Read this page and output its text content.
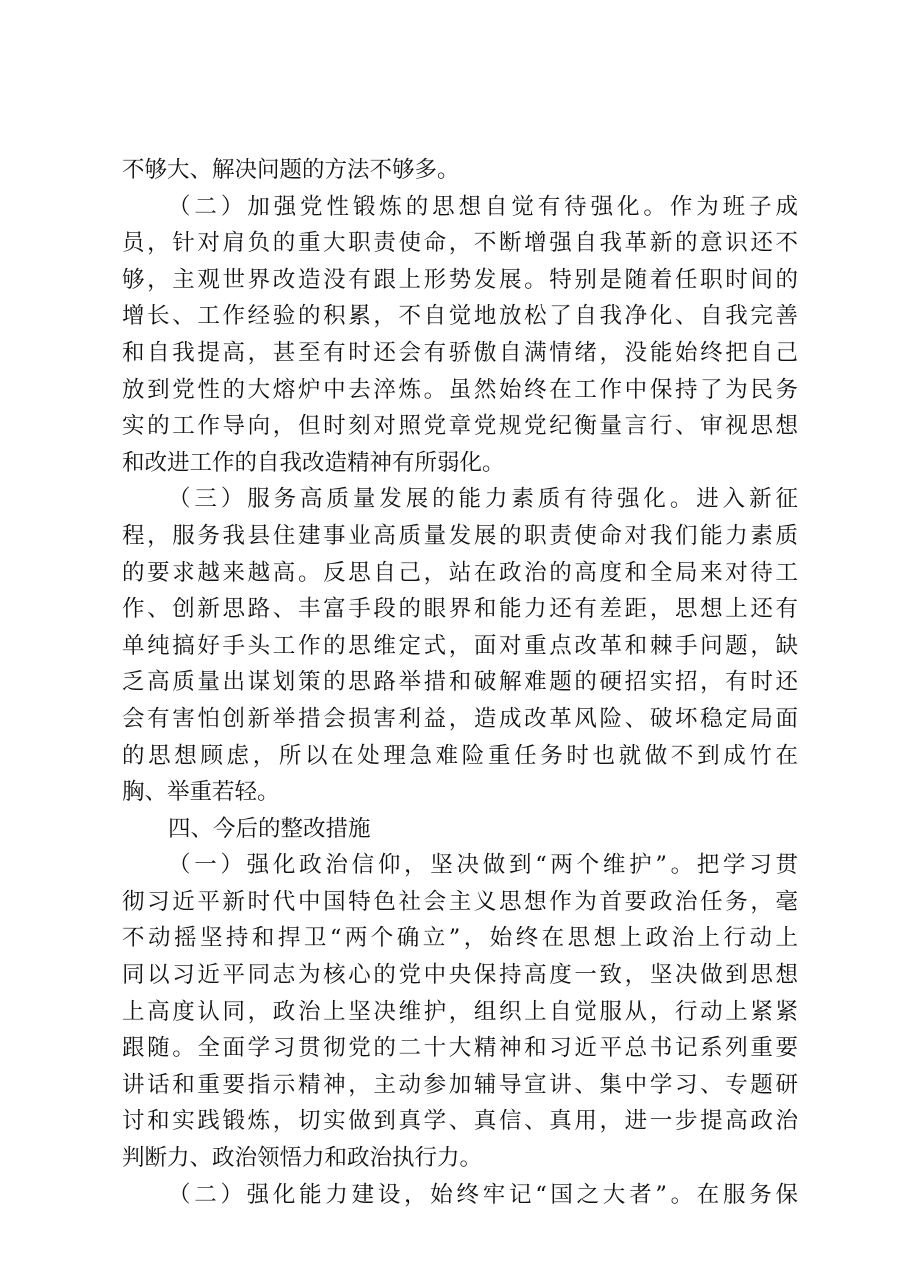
不够大、解决问题的方法不够多。
（二）加强党性锻炼的思想自觉有待强化。作为班子成
员，针对肩负的重大职责使命，不断增强自我革新的意识还不
够，主观世界改造没有跟上形势发展。特别是随着任职时间的
增长、工作经验的积累，不自觉地放松了自我净化、自我完善
和自我提高，甚至有时还会有骄傲自满情绪，没能始终把自己
放到党性的大熔炉中去淬炼。虽然始终在工作中保持了为民务
实的工作导向，但时刻对照党章党规党纪衡量言行、审视思想
和改进工作的自我改造精神有所弱化。
（三）服务高质量发展的能力素质有待强化。进入新征
程，服务我县住建事业高质量发展的职责使命对我们能力素质
的要求越来越高。反思自己，站在政治的高度和全局来对待工
作、创新思路、丰富手段的眼界和能力还有差距，思想上还有
单纯搞好手头工作的思维定式，面对重点改革和棘手问题，缺
乏高质量出谋划策的思路举措和破解难题的硬招实招，有时还
会有害怕创新举措会损害利益，造成改革风险、破坏稳定局面
的思想顾虑，所以在处理急难险重任务时也就做不到成竹在
胸、举重若轻。
四、今后的整改措施
（一）强化政治信仰，坚决做到“两个维护”。把学习贯
彻习近平新时代中国特色社会主义思想作为首要政治任务，毫
不动摇坚持和捍卫“两个确立”，始终在思想上政治上行动上
同以习近平同志为核心的党中央保持高度一致，坚决做到思想
上高度认同，政治上坚决维护，组织上自觉服从，行动上紧紧
跟随。全面学习贯彻党的二十大精神和习近平总书记系列重要
讲话和重要指示精神，主动参加辅导宣讲、集中学习、专题研
讨和实践锻炼，切实做到真学、真信、真用，进一步提高政治
判断力、政治领悟力和政治执行力。
（二）强化能力建设，始终牢记“国之大者”。在服务保
